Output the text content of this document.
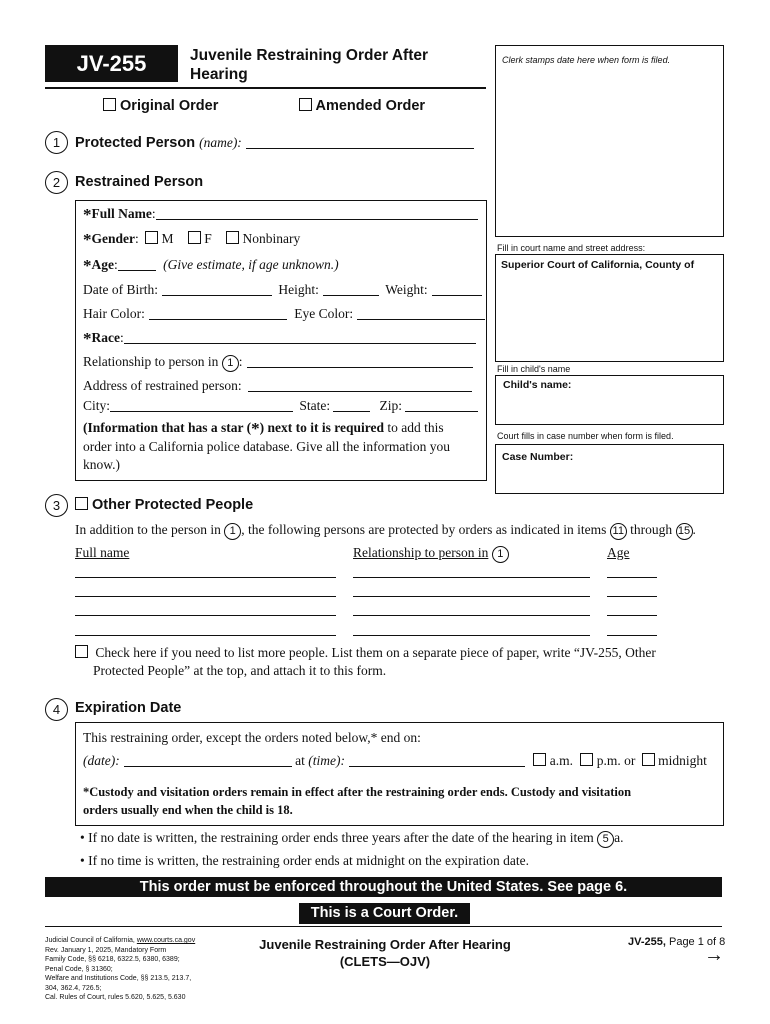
JV-255	Juvenile Restraining Order After
Hearing
Original Order	Amended Order
Clerk stamps date here when form is filed.
Fill in court name and street address:
Superior Court of California, County of
Fill in child's name
Child's name:
Court fills in case number when form is filed.
Case Number:
1	Protected Person (name):
2	Restrained Person
*Full Name:
*Gender:  M F Nonbinary
*Age:	(Give estimate, if age unknown.)
Date of Birth:	Height:	Weight:
Hair Color:	Eye Color:
*Race:
Relationship to person in 1 :
Address of restrained person:
City:	State:	Zip:
(Information that has a star (*) next to it is required to add this
order into a California police database. Give all the information you
know.)
3	Other Protected People
In addition to the person in 1 , the following persons are protected by orders as indicated in items 11 through 15 .
Full name	Relationship to person in 1	Age
Check here if you need to list more people. List them on a separate piece of paper, write “JV-255, Other
Protected People” at the top, and attach it to this form.
4	Expiration Date
This restraining order, except the orders noted below,* end on:
(date):	at (time):	a.m. p.m. or midnight
*Custody and visitation orders remain in effect after the restraining order ends. Custody and visitation
orders usually end when the child is 18.
• If no date is written, the restraining order ends three years after the date of the hearing in item 5 a.
• If no time is written, the restraining order ends at midnight on the expiration date.
This order must be enforced throughout the United States. See page 6.
This is a Court Order.
Judicial Council of California, www.courts.ca.gov
Rev. January 1, 2025, Mandatory Form
Family Code, §§ 6218, 6322.5, 6380, 6389;
Penal Code, § 31360;
Welfare and Institutions Code, §§ 213.5, 213.7,
304, 362.4, 726.5;
Cal. Rules of Court, rules 5.620, 5.625, 5.630
Juvenile Restraining Order After Hearing
(CLETS—OJV)
JV-255, Page 1 of 8
→
